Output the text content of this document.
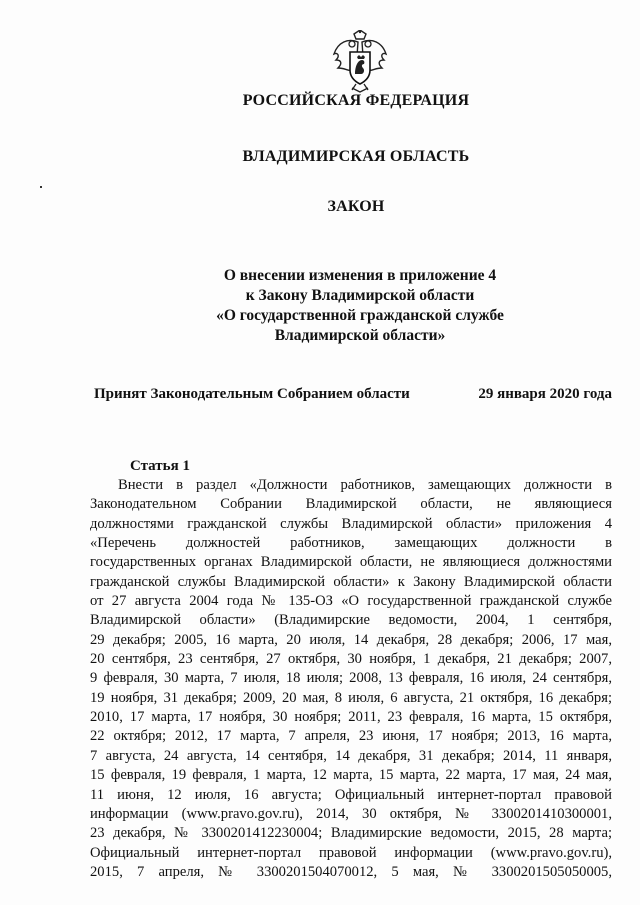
РОССИЙСКАЯ ФЕДЕРАЦИЯ
ВЛАДИМИРСКАЯ ОБЛАСТЬ
ЗАКОН
О внесении изменения в приложение 4
к Закону Владимирской области
«О государственной гражданской службе
Владимирской области»
Принят Законодательным Собранием области	29 января 2020 года
Статья 1
Внести в раздел «Должности работников, замещающих должности в
Законодательном Собрании Владимирской области, не являющиеся
должностями гражданской службы Владимирской области» приложения 4
«Перечень должностей работников, замещающих должности в
государственных органах Владимирской области, не являющиеся должностями
гражданской службы Владимирской области» к Закону Владимирской области
от 27 августа 2004 года № 135-ОЗ «О государственной гражданской службе
Владимирской области» (Владимирские ведомости, 2004, 1 сентября,
29 декабря; 2005, 16 марта, 20 июля, 14 декабря, 28 декабря; 2006, 17 мая,
20 сентября, 23 сентября, 27 октября, 30 ноября, 1 декабря, 21 декабря; 2007,
9 февраля, 30 марта, 7 июля, 18 июля; 2008, 13 февраля, 16 июля, 24 сентября,
19 ноября, 31 декабря; 2009, 20 мая, 8 июля, 6 августа, 21 октября, 16 декабря;
2010, 17 марта, 17 ноября, 30 ноября; 2011, 23 февраля, 16 марта, 15 октября,
22 октября; 2012, 17 марта, 7 апреля, 23 июня, 17 ноября; 2013, 16 марта,
7 августа, 24 августа, 14 сентября, 14 декабря, 31 декабря; 2014, 11 января,
15 февраля, 19 февраля, 1 марта, 12 марта, 15 марта, 22 марта, 17 мая, 24 мая,
11 июня, 12 июля, 16 августа; Официальный интернет-портал правовой
информации (www.pravo.gov.ru), 2014, 30 октября, № 3300201410300001,
23 декабря, № 3300201412230004; Владимирские ведомости, 2015, 28 марта;
Официальный интернет-портал правовой информации (www.pravo.gov.ru),
2015, 7 апреля, № 3300201504070012, 5 мая, № 3300201505050005,
